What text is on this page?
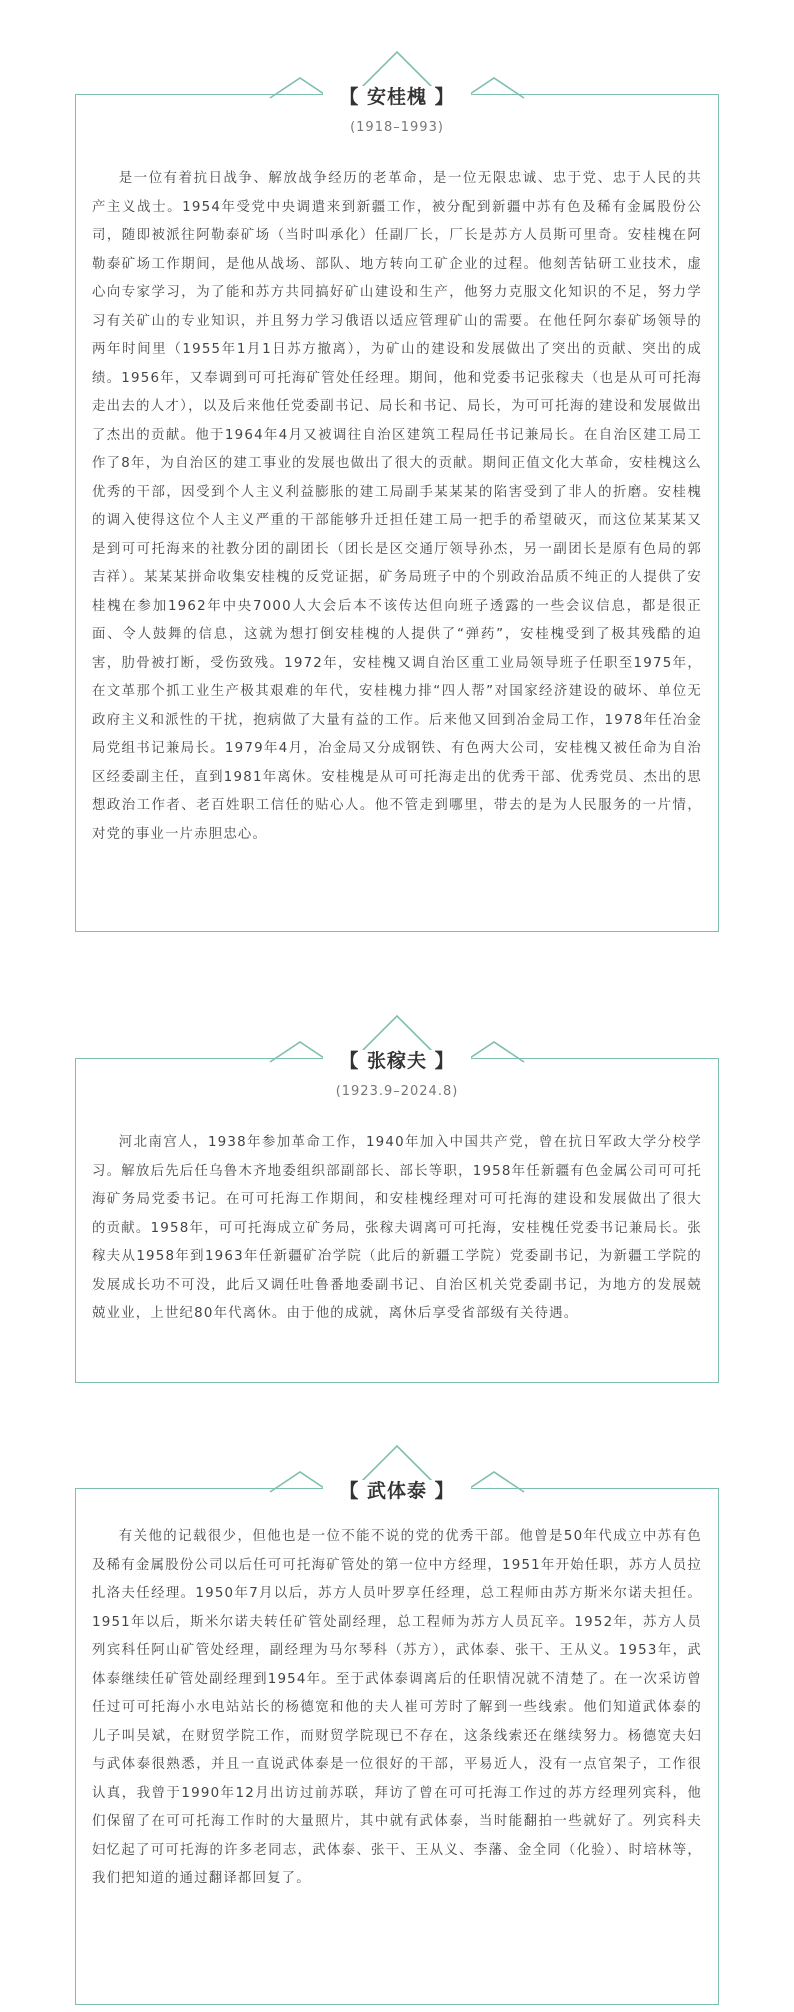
【 安桂槐 】
(1918–1993)

是一位有着抗日战争、解放战争经历的老革命，是一位无限忠诚、忠于党、忠于人民的共产主义战士。1954年受党中央调遣来到新疆工作，被分配到新疆中苏有色及稀有金属股份公司，随即被派往阿勒泰矿场（当时叫承化）任副厂长，厂长是苏方人员斯可里奇。安桂槐在阿勒泰矿场工作期间，是他从战场、部队、地方转向工矿企业的过程。他刻苦钻研工业技术，虚心向专家学习，为了能和苏方共同搞好矿山建设和生产，他努力克服文化知识的不足，努力学习有关矿山的专业知识，并且努力学习俄语以适应管理矿山的需要。在他任阿尔泰矿场领导的两年时间里（1955年1月1日苏方撤离），为矿山的建设和发展做出了突出的贡献、突出的成绩。1956年，又奉调到可可托海矿管处任经理。期间，他和党委书记张稼夫（也是从可可托海走出去的人才），以及后来他任党委副书记、局长和书记、局长，为可可托海的建设和发展做出了杰出的贡献。他于1964年4月又被调往自治区建筑工程局任书记兼局长。在自治区建工局工作了8年，为自治区的建工事业的发展也做出了很大的贡献。期间正值文化大革命，安桂槐这么优秀的干部，因受到个人主义利益膨胀的建工局副手某某某的陷害受到了非人的折磨。安桂槐的调入使得这位个人主义严重的干部能够升迁担任建工局一把手的希望破灭，而这位某某某又是到可可托海来的社教分团的副团长（团长是区交通厅领导孙杰，另一副团长是原有色局的郭吉祥）。某某某拼命收集安桂槐的反党证据，矿务局班子中的个别政治品质不纯正的人提供了安桂槐在参加1962年中央7000人大会后本不该传达但向班子透露的一些会议信息，都是很正面、令人鼓舞的信息，这就为想打倒安桂槐的人提供了“弹药”，安桂槐受到了极其残酷的迫害，肋骨被打断，受伤致残。1972年，安桂槐又调自治区重工业局领导班子任职至1975年，在文革那个抓工业生产极其艰难的年代，安桂槐力排“四人帮”对国家经济建设的破坏、单位无政府主义和派性的干扰，抱病做了大量有益的工作。后来他又回到冶金局工作，1978年任冶金局党组书记兼局长。1979年4月，冶金局又分成钢铁、有色两大公司，安桂槐又被任命为自治区经委副主任，直到1981年离休。安桂槐是从可可托海走出的优秀干部、优秀党员、杰出的思想政治工作者、老百姓职工信任的贴心人。他不管走到哪里，带去的是为人民服务的一片情，对党的事业一片赤胆忠心。

【 张稼夫 】
(1923.9–2024.8)

河北南宫人，1938年参加革命工作，1940年加入中国共产党，曾在抗日军政大学分校学习。解放后先后任乌鲁木齐地委组织部副部长、部长等职，1958年任新疆有色金属公司可可托海矿务局党委书记。在可可托海工作期间，和安桂槐经理对可可托海的建设和发展做出了很大的贡献。1958年，可可托海成立矿务局，张稼夫调离可可托海，安桂槐任党委书记兼局长。张稼夫从1958年到1963年任新疆矿冶学院（此后的新疆工学院）党委副书记，为新疆工学院的发展成长功不可没，此后又调任吐鲁番地委副书记、自治区机关党委副书记，为地方的发展兢兢业业，上世纪80年代离休。由于他的成就，离休后享受省部级有关待遇。

【 武体泰 】

有关他的记载很少，但他也是一位不能不说的党的优秀干部。他曾是50年代成立中苏有色及稀有金属股份公司以后任可可托海矿管处的第一位中方经理，1951年开始任职，苏方人员拉扎洛夫任经理。1950年7月以后，苏方人员叶罗享任经理，总工程师由苏方斯米尔诺夫担任。1951年以后，斯米尔诺夫转任矿管处副经理，总工程师为苏方人员瓦辛。1952年，苏方人员列宾科任阿山矿管处经理，副经理为马尔琴科（苏方），武体泰、张干、王从义。1953年，武体泰继续任矿管处副经理到1954年。至于武体泰调离后的任职情况就不清楚了。在一次采访曾任过可可托海小水电站站长的杨德宽和他的夫人崔可芳时了解到一些线索。他们知道武体泰的儿子叫吴斌，在财贸学院工作，而财贸学院现已不存在，这条线索还在继续努力。杨德宽夫妇与武体泰很熟悉，并且一直说武体泰是一位很好的干部，平易近人，没有一点官架子，工作很认真，我曾于1990年12月出访过前苏联，拜访了曾在可可托海工作过的苏方经理列宾科，他们保留了在可可托海工作时的大量照片，其中就有武体泰，当时能翻拍一些就好了。列宾科夫妇忆起了可可托海的许多老同志，武体泰、张干、王从义、李藩、金全同（化验）、时培林等，我们把知道的通过翻译都回复了。
